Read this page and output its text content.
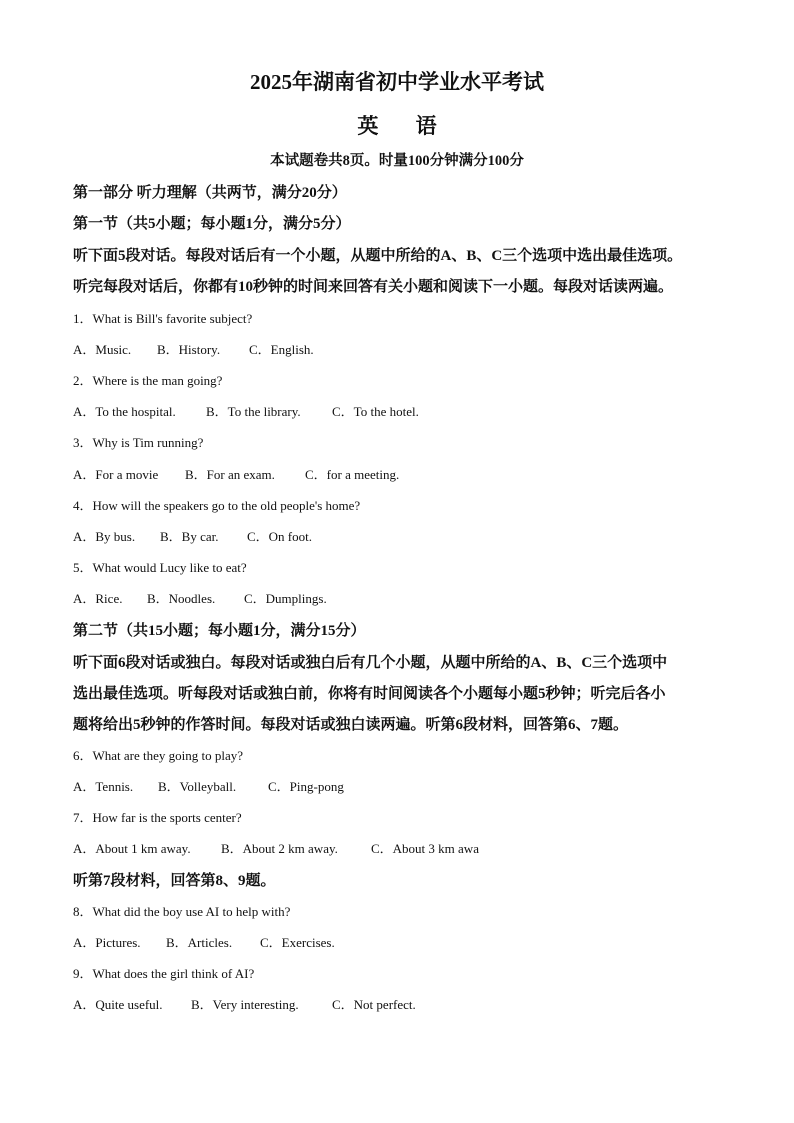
2025年湖南省初中学业水平考试
英 语
本试题卷共8页。时量100分钟满分100分
第一部分 听力理解（共两节，满分20分）
第一节（共5小题；每小题1分，满分5分）
听下面5段对话。每段对话后有一个小题，从题中所给的A、B、C三个选项中选出最佳选项。
听完每段对话后，你都有10秒钟的时间来回答有关小题和阅读下一小题。每段对话读两遍。
1．What is Bill's favorite subject?
A．Music. B．History. C．English.
2．Where is the man going?
A．To the hospital. B．To the library. C．To the hotel.
3．Why is Tim running?
A．For a movie B．For an exam. C．for a meeting.
4．How will the speakers go to the old people's home?
A．By bus. B．By car. C．On foot.
5．What would Lucy like to eat?
A．Rice. B．Noodles. C．Dumplings.
第二节（共15小题；每小题1分，满分15分）
听下面6段对话或独白。每段对话或独白后有几个小题，从题中所给的A、B、C三个选项中
选出最佳选项。听每段对话或独白前，你将有时间阅读各个小题每小题5秒钟；听完后各小
题将给出5秒钟的作答时间。每段对话或独白读两遍。听第6段材料，回答第6、7题。
6．What are they going to play?
A．Tennis. B．Volleyball. C．Ping-pong
7．How far is the sports center?
A．About 1 km away. B．About 2 km away.	C．About 3 km awa
听第7段材料，回答第8、9题。
8．What did the boy use AI to help with?
A．Pictures. B．Articles. C．Exercises.
9．What does the girl think of AI?
A．Quite useful. B．Very interesting.	C．Not perfect.
